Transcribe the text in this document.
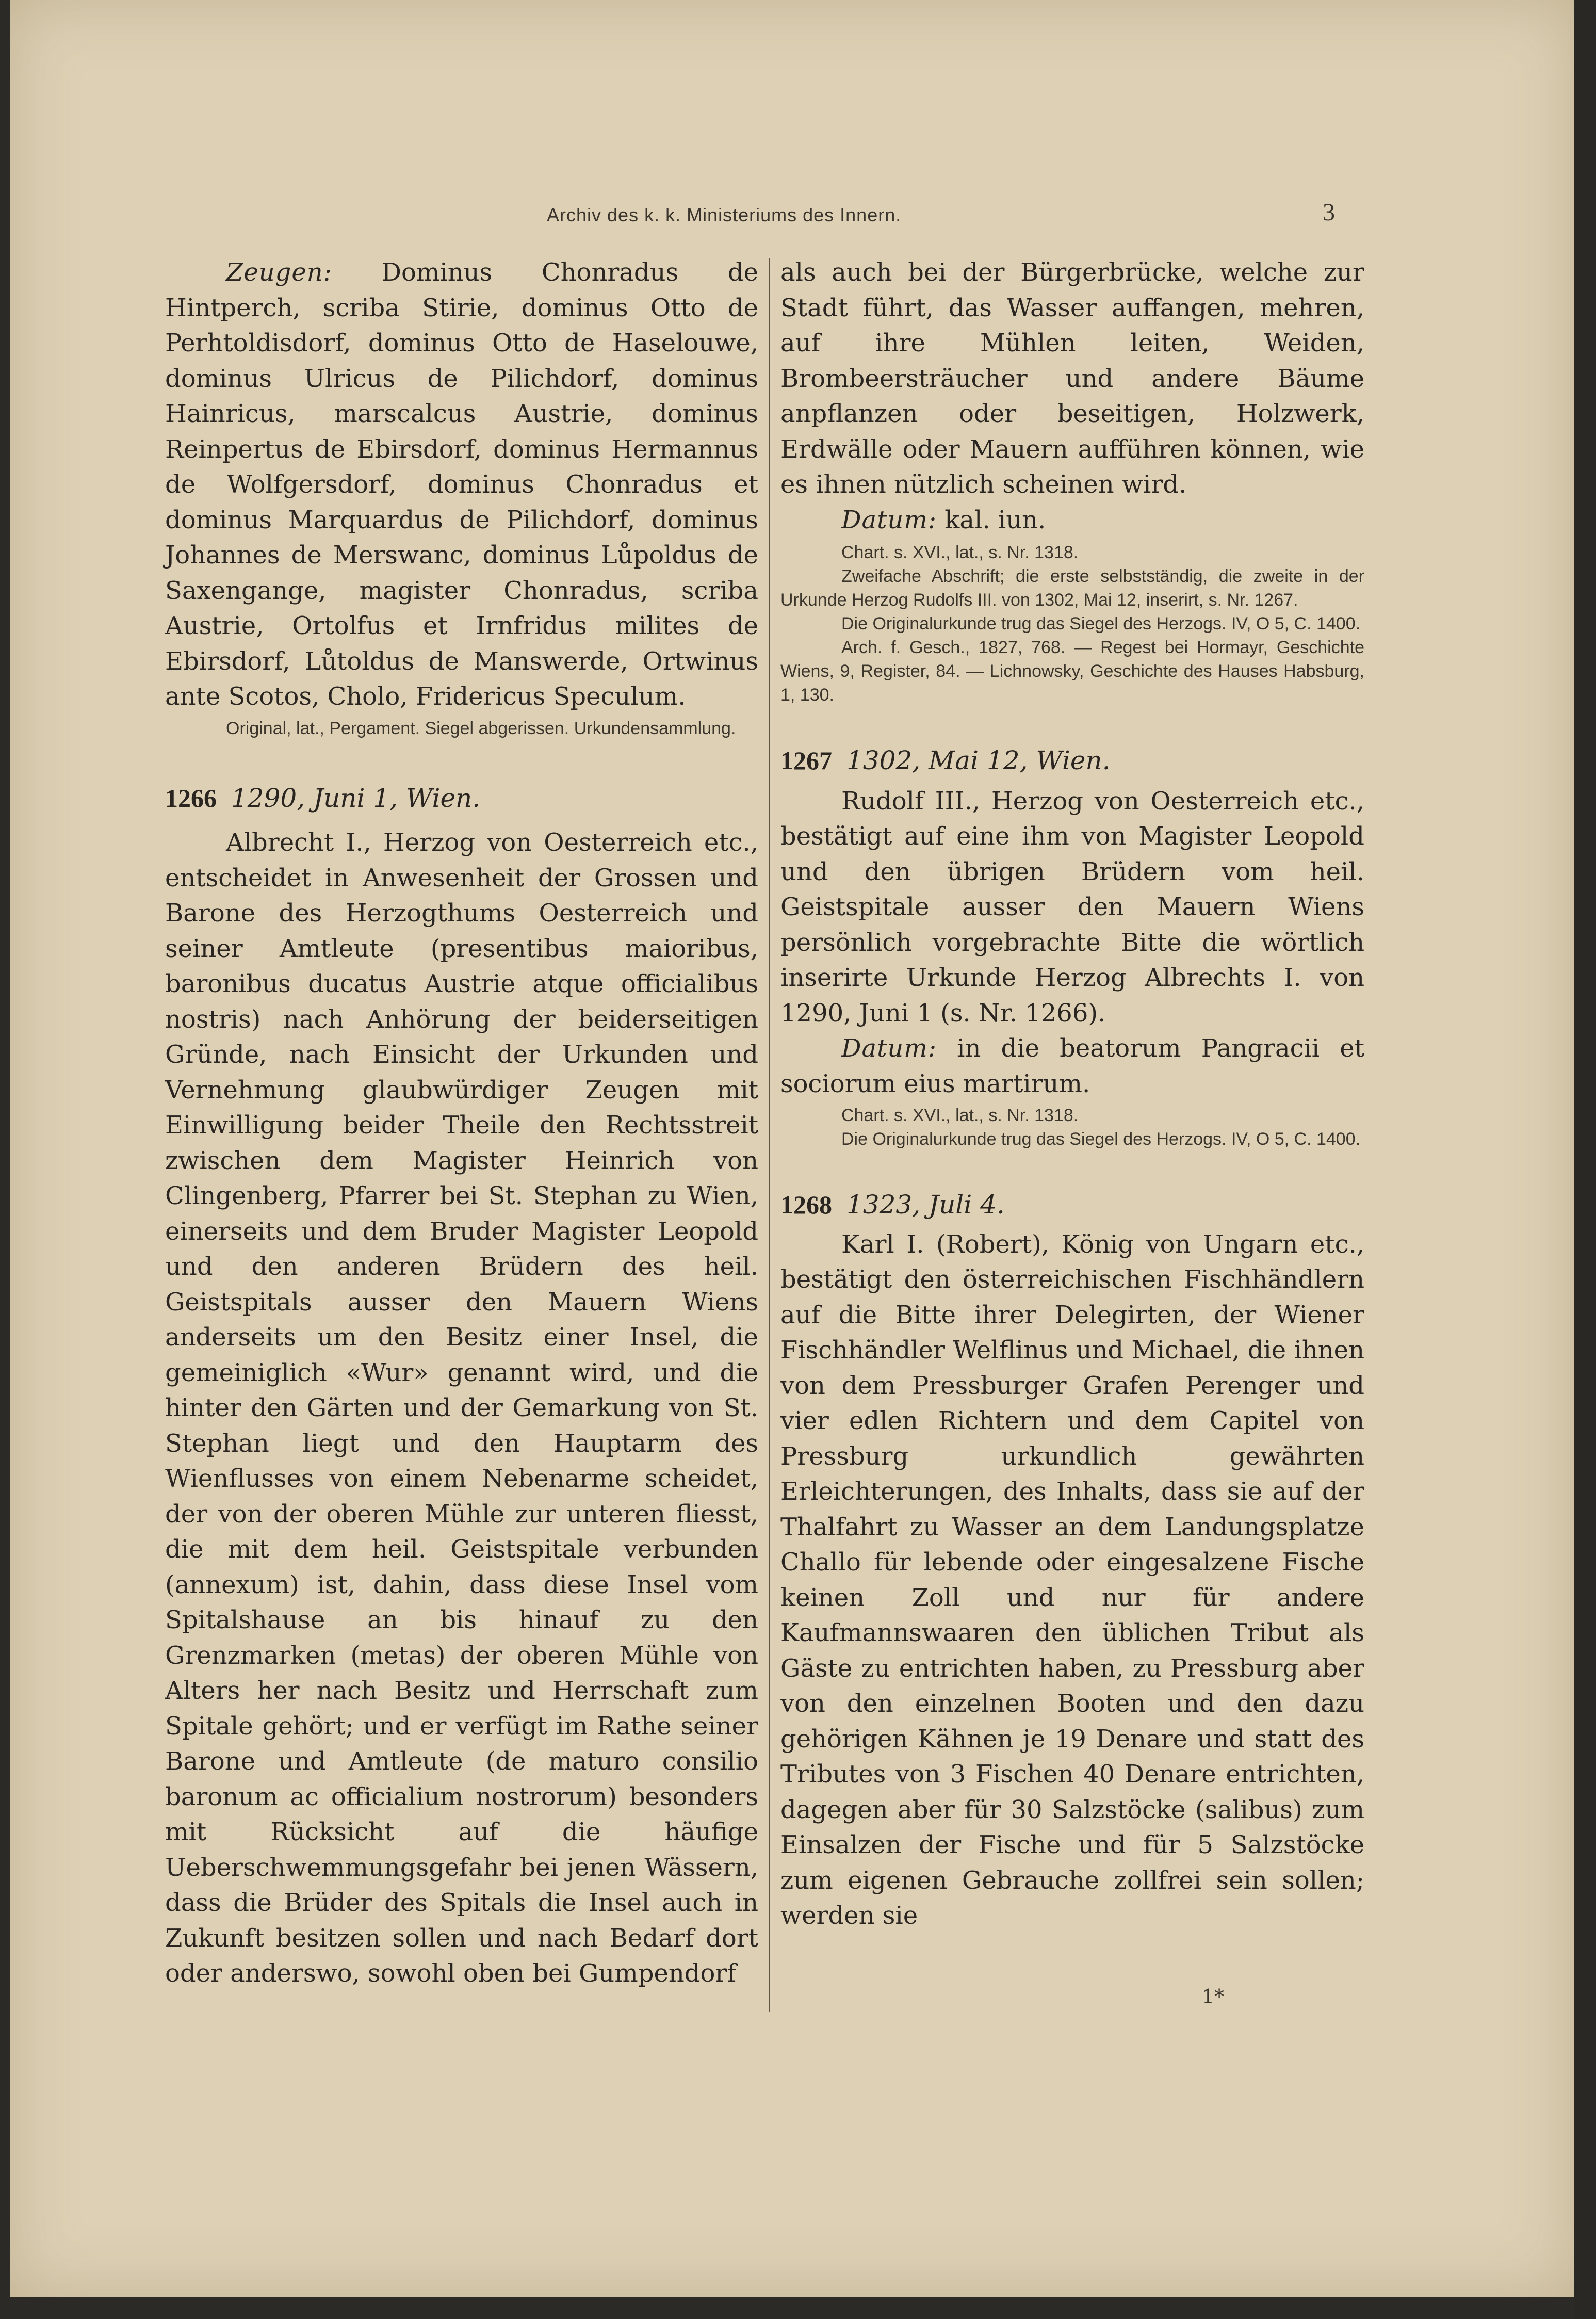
Archiv des k. k. Ministeriums des Innern.	3

Zeugen: Dominus Chonradus de Hintperch, scriba Stirie, dominus Otto de Perhtoldisdorf, dominus Otto de Haselouwe, dominus Ulricus de Pilichdorf, dominus Hainricus, marscalcus Austrie, dominus Reinpertus de Ebirsdorf, dominus Hermannus de Wolfgersdorf, dominus Chonradus et dominus Marquardus de Pilichdorf, dominus Johannes de Merswanc, dominus Lůpoldus de Saxengange, magister Chonradus, scriba Austrie, Ortolfus et Irnfridus milites de Ebirsdorf, Lůtoldus de Manswerde, Ortwinus ante Scotos, Cholo, Fridericus Speculum.

Original, lat., Pergament. Siegel abgerissen. Urkundensammlung.

1266 1290, Juni 1, Wien.

Albrecht I., Herzog von Oesterreich etc., entscheidet in Anwesenheit der Grossen und Barone des Herzogthums Oesterreich und seiner Amtleute (presentibus maioribus, baronibus ducatus Austrie atque officialibus nostris) nach Anhörung der beiderseitigen Gründe, nach Einsicht der Urkunden und Vernehmung glaubwürdiger Zeugen mit Einwilligung beider Theile den Rechtsstreit zwischen dem Magister Heinrich von Clingenberg, Pfarrer bei St. Stephan zu Wien, einerseits und dem Bruder Magister Leopold und den anderen Brüdern des heil. Geistspitals ausser den Mauern Wiens anderseits um den Besitz einer Insel, die gemeiniglich «Wur» genannt wird, und die hinter den Gärten und der Gemarkung von St. Stephan liegt und den Hauptarm des Wienflusses von einem Nebenarme scheidet, der von der oberen Mühle zur unteren fliesst, die mit dem heil. Geistspitale verbunden (annexum) ist, dahin, dass diese Insel vom Spitalshause an bis hinauf zu den Grenzmarken (metas) der oberen Mühle von Alters her nach Besitz und Herrschaft zum Spitale gehört; und er verfügt im Rathe seiner Barone und Amtleute (de maturo consilio baronum ac officialium nostrorum) besonders mit Rücksicht auf die häufige Ueberschwemmungsgefahr bei jenen Wässern, dass die Brüder des Spitals die Insel auch in Zukunft besitzen sollen und nach Bedarf dort oder anderswo, sowohl oben bei Gumpendorf

als auch bei der Bürgerbrücke, welche zur Stadt führt, das Wasser auffangen, mehren, auf ihre Mühlen leiten, Weiden, Brombeersträucher und andere Bäume anpflanzen oder beseitigen, Holzwerk, Erdwälle oder Mauern aufführen können, wie es ihnen nützlich scheinen wird.

Datum: kal. iun.

Chart. s. XVI., lat., s. Nr. 1318.

Zweifache Abschrift; die erste selbstständig, die zweite in der Urkunde Herzog Rudolfs III. von 1302, Mai 12, inserirt, s. Nr. 1267.

Die Originalurkunde trug das Siegel des Herzogs. IV, O 5, C. 1400.

Arch. f. Gesch., 1827, 768. — Regest bei Hormayr, Geschichte Wiens, 9, Register, 84. — Lichnowsky, Geschichte des Hauses Habsburg, 1, 130.

1267 1302, Mai 12, Wien.

Rudolf III., Herzog von Oesterreich etc., bestätigt auf eine ihm von Magister Leopold und den übrigen Brüdern vom heil. Geistspitale ausser den Mauern Wiens persönlich vorgebrachte Bitte die wörtlich inserirte Urkunde Herzog Albrechts I. von 1290, Juni 1 (s. Nr. 1266).

Datum: in die beatorum Pangracii et sociorum eius martirum.

Chart. s. XVI., lat., s. Nr. 1318.

Die Originalurkunde trug das Siegel des Herzogs. IV, O 5, C. 1400.

1268 1323, Juli 4.

Karl I. (Robert), König von Ungarn etc., bestätigt den österreichischen Fischhändlern auf die Bitte ihrer Delegirten, der Wiener Fischhändler Welflinus und Michael, die ihnen von dem Pressburger Grafen Perenger und vier edlen Richtern und dem Capitel von Pressburg urkundlich gewährten Erleichterungen, des Inhalts, dass sie auf der Thalfahrt zu Wasser an dem Landungsplatze Challo für lebende oder eingesalzene Fische keinen Zoll und nur für andere Kaufmannswaaren den üblichen Tribut als Gäste zu entrichten haben, zu Pressburg aber von den einzelnen Booten und den dazu gehörigen Kähnen je 19 Denare und statt des Tributes von 3 Fischen 40 Denare entrichten, dagegen aber für 30 Salzstöcke (salibus) zum Einsalzen der Fische und für 5 Salzstöcke zum eigenen Gebrauche zollfrei sein sollen; werden sie

1*
